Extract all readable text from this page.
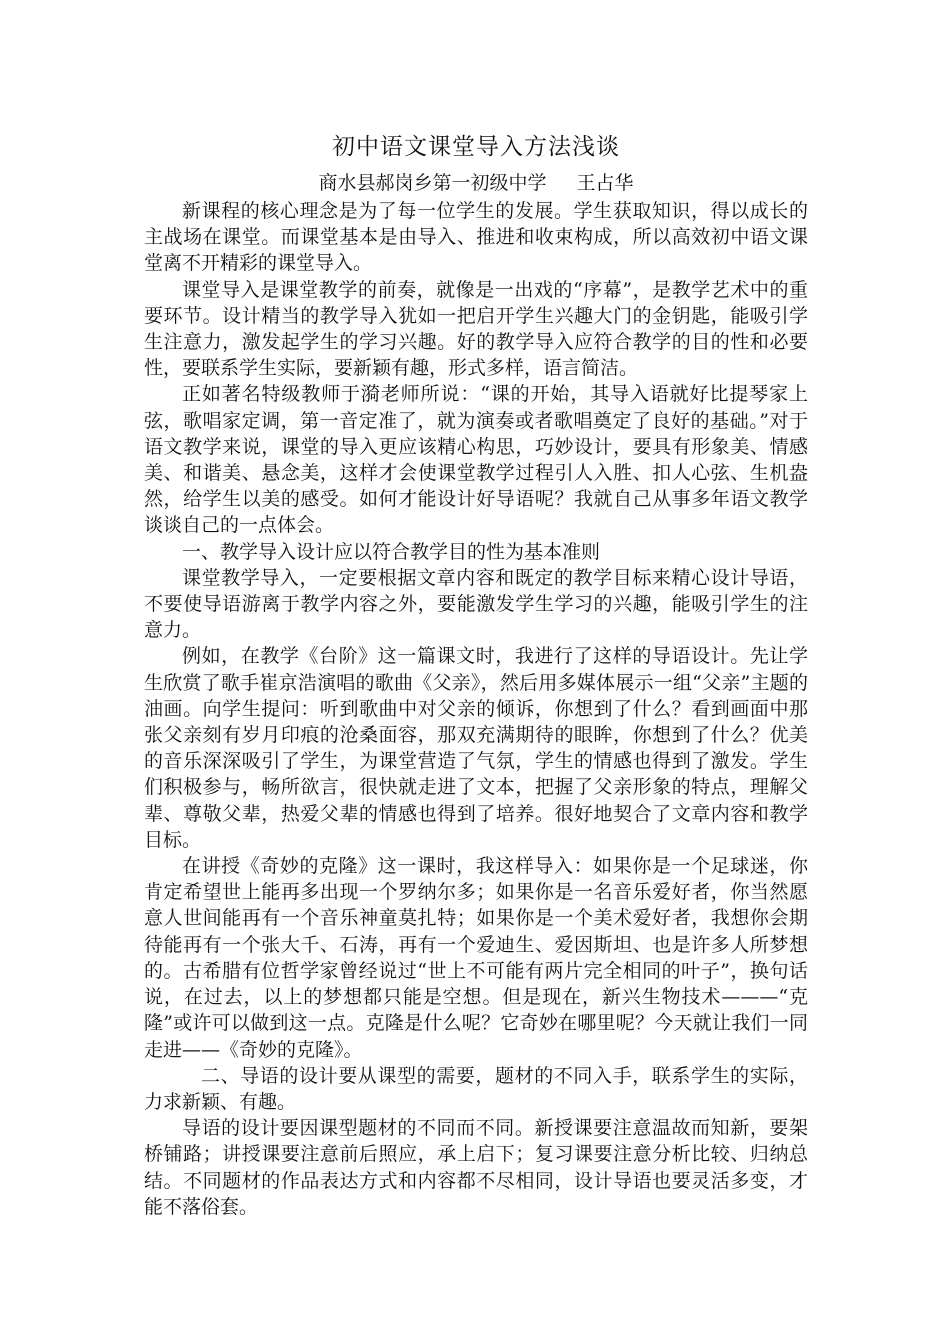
初中语文课堂导入方法浅谈
商水县郝岗乡第一初级中学 王占华

新课程的核心理念是为了每一位学生的发展。学生获取知识，得以成长的主战场在课堂。而课堂基本是由导入、推进和收束构成，所以高效初中语文课堂离不开精彩的课堂导入。

课堂导入是课堂教学的前奏，就像是一出戏的“序幕”，是教学艺术中的重要环节。设计精当的教学导入犹如一把启开学生兴趣大门的金钥匙，能吸引学生注意力，激发起学生的学习兴趣。好的教学导入应符合教学的目的性和必要性，要联系学生实际，要新颖有趣，形式多样，语言简洁。

正如著名特级教师于漪老师所说：“课的开始，其导入语就好比提琴家上弦，歌唱家定调，第一音定准了，就为演奏或者歌唱奠定了良好的基础。”对于语文教学来说，课堂的导入更应该精心构思，巧妙设计，要具有形象美、情感美、和谐美、悬念美，这样才会使课堂教学过程引人入胜、扣人心弦、生机盎然，给学生以美的感受。如何才能设计好导语呢？我就自己从事多年语文教学谈谈自己的一点体会。

一、教学导入设计应以符合教学目的性为基本准则

课堂教学导入，一定要根据文章内容和既定的教学目标来精心设计导语，不要使导语游离于教学内容之外，要能激发学生学习的兴趣，能吸引学生的注意力。

例如，在教学《台阶》这一篇课文时，我进行了这样的导语设计。先让学生欣赏了歌手崔京浩演唱的歌曲《父亲》，然后用多媒体展示一组“父亲”主题的油画。向学生提问：听到歌曲中对父亲的倾诉，你想到了什么？看到画面中那张父亲刻有岁月印痕的沧桑面容，那双充满期待的眼眸，你想到了什么？优美的音乐深深吸引了学生，为课堂营造了气氛，学生的情感也得到了激发。学生们积极参与，畅所欲言，很快就走进了文本，把握了父亲形象的特点，理解父辈、尊敬父辈，热爱父辈的情感也得到了培养。很好地契合了文章内容和教学目标。

在讲授《奇妙的克隆》这一课时，我这样导入：如果你是一个足球迷，你肯定希望世上能再多出现一个罗纳尔多；如果你是一名音乐爱好者，你当然愿意人世间能再有一个音乐神童莫扎特；如果你是一个美术爱好者，我想你会期待能再有一个张大千、石涛，再有一个爱迪生、爱因斯坦、也是许多人所梦想的。古希腊有位哲学家曾经说过“世上不可能有两片完全相同的叶子”，换句话说，在过去，以上的梦想都只能是空想。但是现在，新兴生物技术———“克隆”或许可以做到这一点。克隆是什么呢？它奇妙在哪里呢？今天就让我们一同走进——《奇妙的克隆》。

二、导语的设计要从课型的需要，题材的不同入手，联系学生的实际，力求新颖、有趣。

导语的设计要因课型题材的不同而不同。新授课要注意温故而知新，要架桥铺路；讲授课要注意前后照应，承上启下；复习课要注意分析比较、归纳总结。不同题材的作品表达方式和内容都不尽相同，设计导语也要灵活多变，才能不落俗套。
